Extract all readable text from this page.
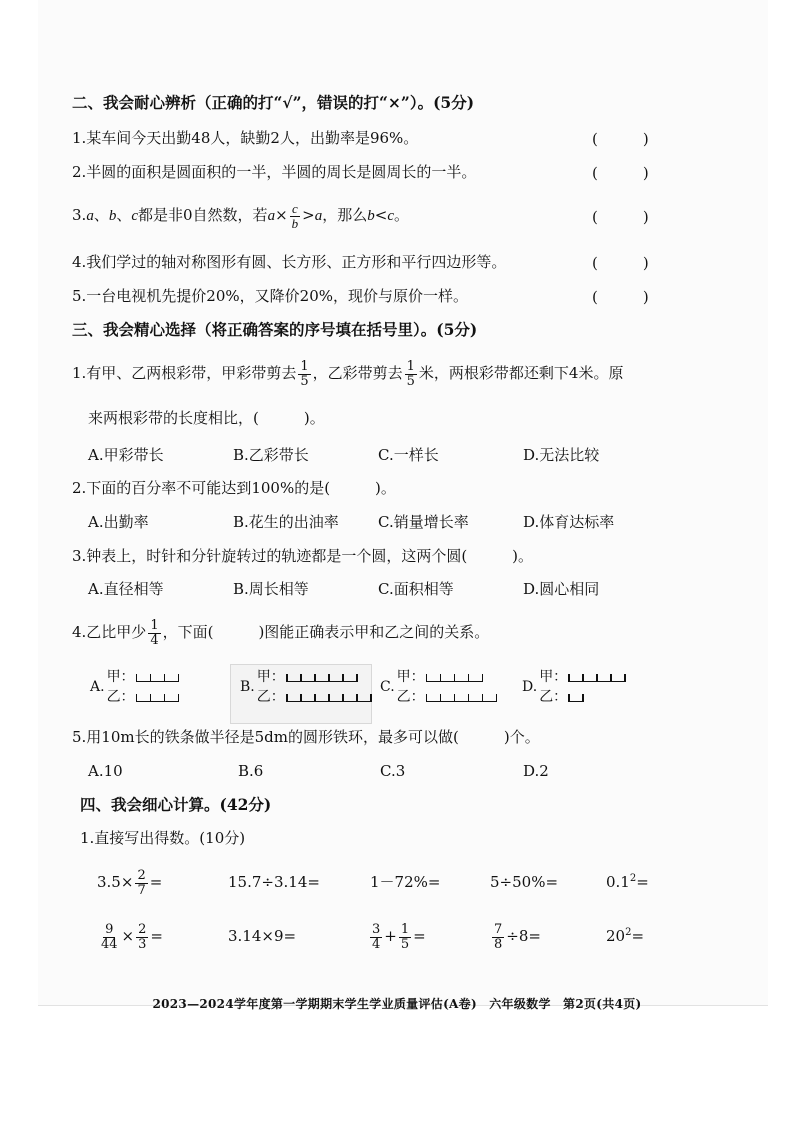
二、我会耐心辨析（正确的打“√”，错误的打“×”）。(5分)
1.某车间今天出勤48人，缺勤2人，出勤率是96%。	(　　　)
2.半圆的面积是圆面积的一半，半圆的周长是圆周长的一半。	(　　　)
3.a、b、c都是非0自然数，若$a\times \frac{c}{b} >a$，那么b<c。	(　　　)
4.我们学过的轴对称图形有圆、长方形、正方形和平行四边形等。	(　　　)
5.一台电视机先提价20%，又降价20%，现价与原价一样。	(　　　)
三、我会精心选择（将正确答案的序号填在括号里）。(5分)
1.有甲、乙两根彩带，甲彩带剪去 $\frac{1}{5}$ ，乙彩带剪去 $\frac{1}{5}$ 米，两根彩带都还剩下4米。原
来两根彩带的长度相比，(　　　)。
A.甲彩带长	B.乙彩带长	C.一样长	D.无法比较
2.下面的百分率不可能达到100%的是(　　　)。
A.出勤率	B.花生的出油率	C.销量增长率	D.体育达标率
3.钟表上，时针和分针旋转过的轨迹都是一个圆，这两个圆(　　　)。
A.直径相等	B.周长相等	C.面积相等	D.圆心相同
4.乙比甲少 $\frac{1}{4}$ ，下面(　　　)图能正确表示甲和乙之间的关系。
A.
甲：
乙：
B.
甲：
乙：
C.
甲：
乙：
D.
甲：
乙：
5.用10m长的铁条做半径是5dm的圆形铁环，最多可以做(　　　)个。
A.10	B.6	C.3	D.2
四、我会细心计算。(42分)
1.直接写出得数。(10分)
$3.5\times \frac{2}{7}$ =	15.7÷3.14=	1－72%=	5÷50%=	$0.1^2=$
$\frac{9}{44} \times \frac{2}{3}$ =	3.14×9=	$\frac{3}{4} + \frac{1}{5}$ =	$\frac{7}{8} \div 8=$	$20^2=$
2023—2024学年度第一学期期末学生学业质量评估(A卷)　六年级数学　第2页(共4页)
